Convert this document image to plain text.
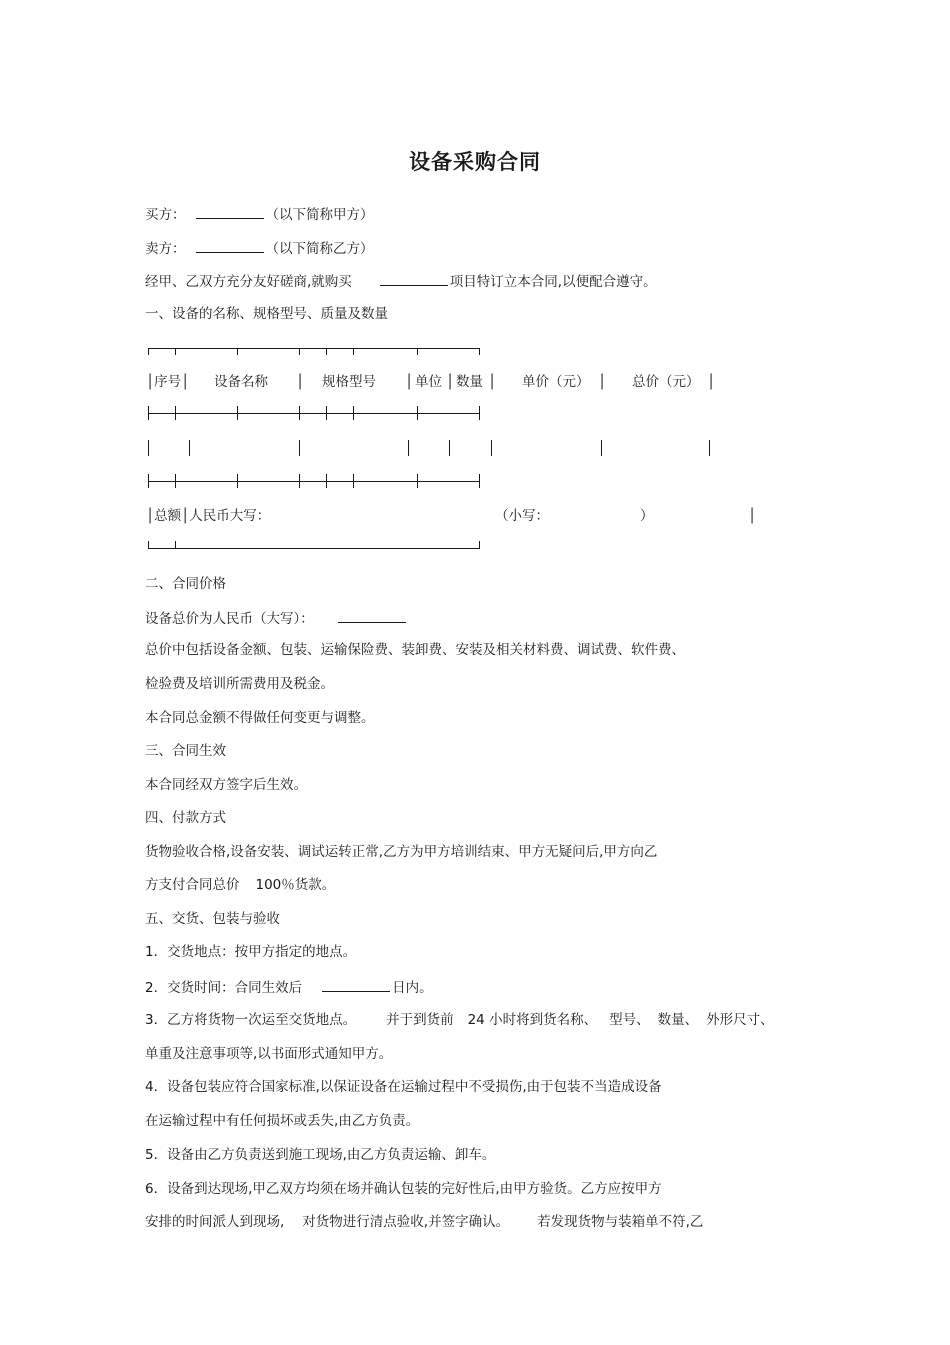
设备采购合同
买方：	（以下简称甲方）
卖方：	（以下简称乙方）
经甲、乙双方充分友好磋商,就购买	项目特订立本合同,以便配合遵守。
一、设备的名称、规格型号、质量及数量
│序号│ 设备名称 │ 规格型号 │ 单位 │ 数量 │ 单价（元） │ 总价（元） │
│总额│人民币大写：	（小写：	）	│
二、合同价格
设备总价为人民币（大写）：
总价中包括设备金额、包装、运输保险费、装卸费、安装及相关材料费、调试费、软件费、
检验费及培训所需费用及税金。
本合同总金额不得做任何变更与调整。
三、合同生效
本合同经双方签字后生效。
四、付款方式
货物验收合格,设备安装、调试运转正常,乙方为甲方培训结束、甲方无疑问后,甲方向乙
方支付合同总价 100％货款。
五、交货、包装与验收
1．交货地点：按甲方指定的地点。
2．交货时间：合同生效后	日内。
3．乙方将货物一次运至交货地点。 并于到货前 24 小时将到货名称、 型号、 数量、 外形尺寸、
单重及注意事项等,以书面形式通知甲方。
4．设备包装应符合国家标准,以保证设备在运输过程中不受损伤,由于包装不当造成设备
在运输过程中有任何损坏或丢失,由乙方负责。
5．设备由乙方负责送到施工现场,由乙方负责运输、卸车。
6．设备到达现场,甲乙双方均须在场并确认包装的完好性后,由甲方验货。乙方应按甲方
安排的时间派人到现场, 对货物进行清点验收,并签字确认。 若发现货物与装箱单不符,乙
